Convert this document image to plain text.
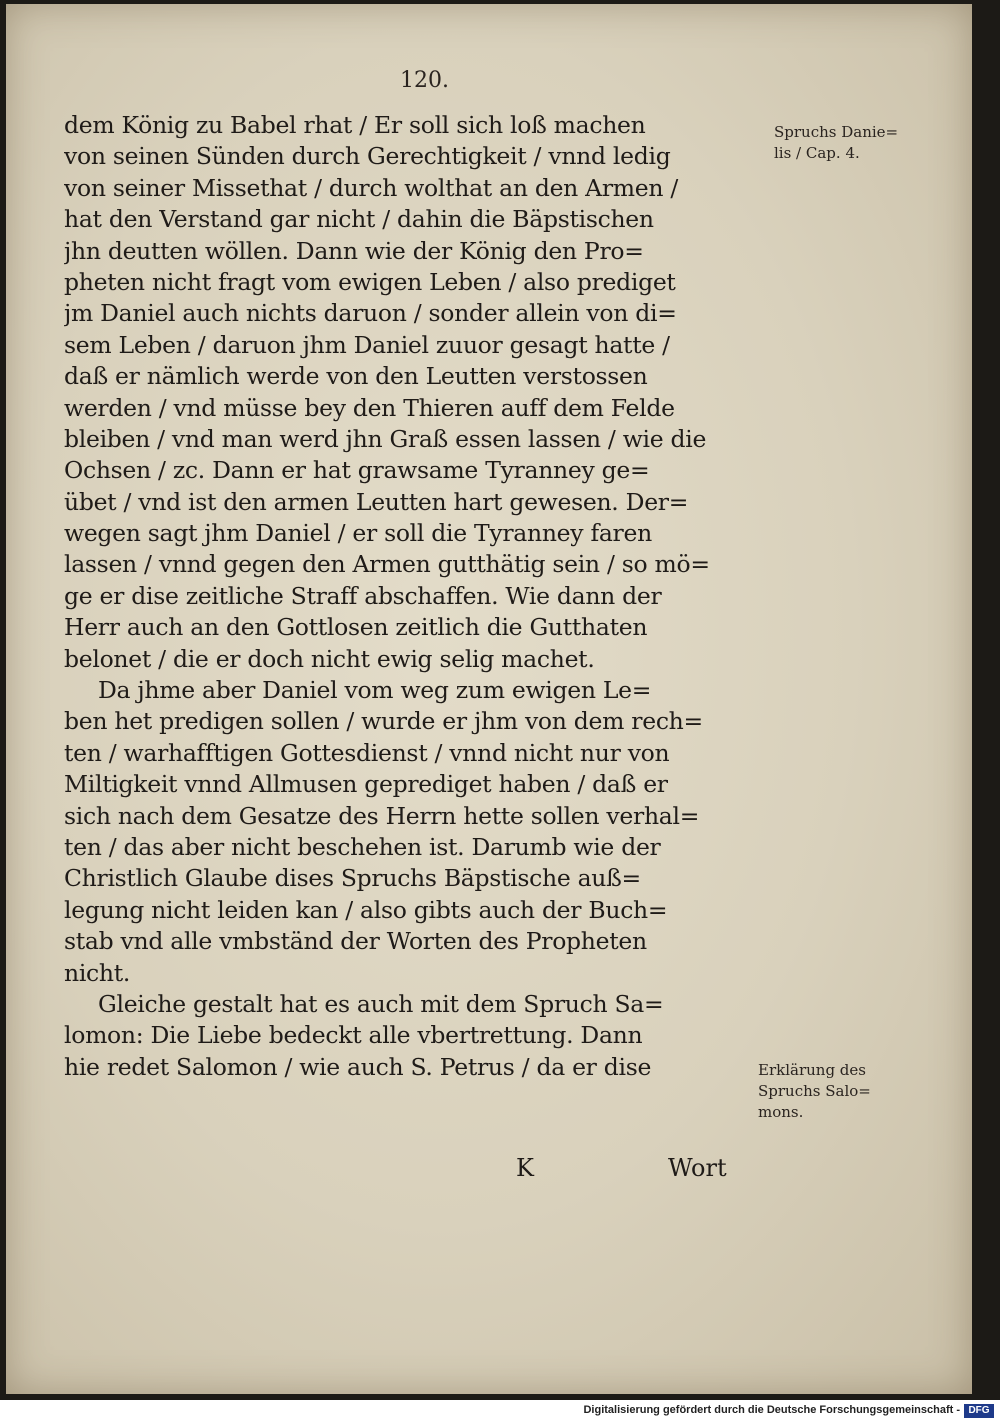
120.
dem König zu Babel rhat / Er soll sich loß machen
von seinen Sünden durch Gerechtigkeit / vnnd ledig
von seiner Missethat / durch wolthat an den Armen /
hat den Verstand gar nicht / dahin die Bäpstischen
jhn deutten wöllen. Dann wie der König den Pro=
pheten nicht fragt vom ewigen Leben / also prediget
jm Daniel auch nichts daruon / sonder allein von di=
sem Leben / daruon jhm Daniel zuuor gesagt hatte /
daß er nämlich werde von den Leutten verstossen
werden / vnd müsse bey den Thieren auff dem Felde
bleiben / vnd man werd jhn Graß essen lassen / wie die
Ochsen / zc. Dann er hat grawsame Tyranney ge=
übet / vnd ist den armen Leutten hart gewesen. Der=
wegen sagt jhm Daniel / er soll die Tyranney faren
lassen / vnnd gegen den Armen gutthätig sein / so mö=
ge er dise zeitliche Straff abschaffen. Wie dann der
Herr auch an den Gottlosen zeitlich die Gutthaten
belonet / die er doch nicht ewig selig machet.
Da jhme aber Daniel vom weg zum ewigen Le=
ben het predigen sollen / wurde er jhm von dem rech=
ten / warhafftigen Gottesdienst / vnnd nicht nur von
Miltigkeit vnnd Allmusen geprediget haben / daß er
sich nach dem Gesatze des Herrn hette sollen verhal=
ten / das aber nicht beschehen ist. Darumb wie der
Christlich Glaube dises Spruchs Bäpstische auß=
legung nicht leiden kan / also gibts auch der Buch=
stab vnd alle vmbständ der Worten des Propheten
nicht.
Gleiche gestalt hat es auch mit dem Spruch Sa=
lomon: Die Liebe bedeckt alle vbertrettung. Dann
hie redet Salomon / wie auch S. Petrus / da er dise
K	Wort
Spruchs Danie=
lis / Cap. 4.
Erklärung des
Spruchs Salo=
mons.
Digitalisierung gefördert durch die Deutsche Forschungsgemeinschaft - DFG
